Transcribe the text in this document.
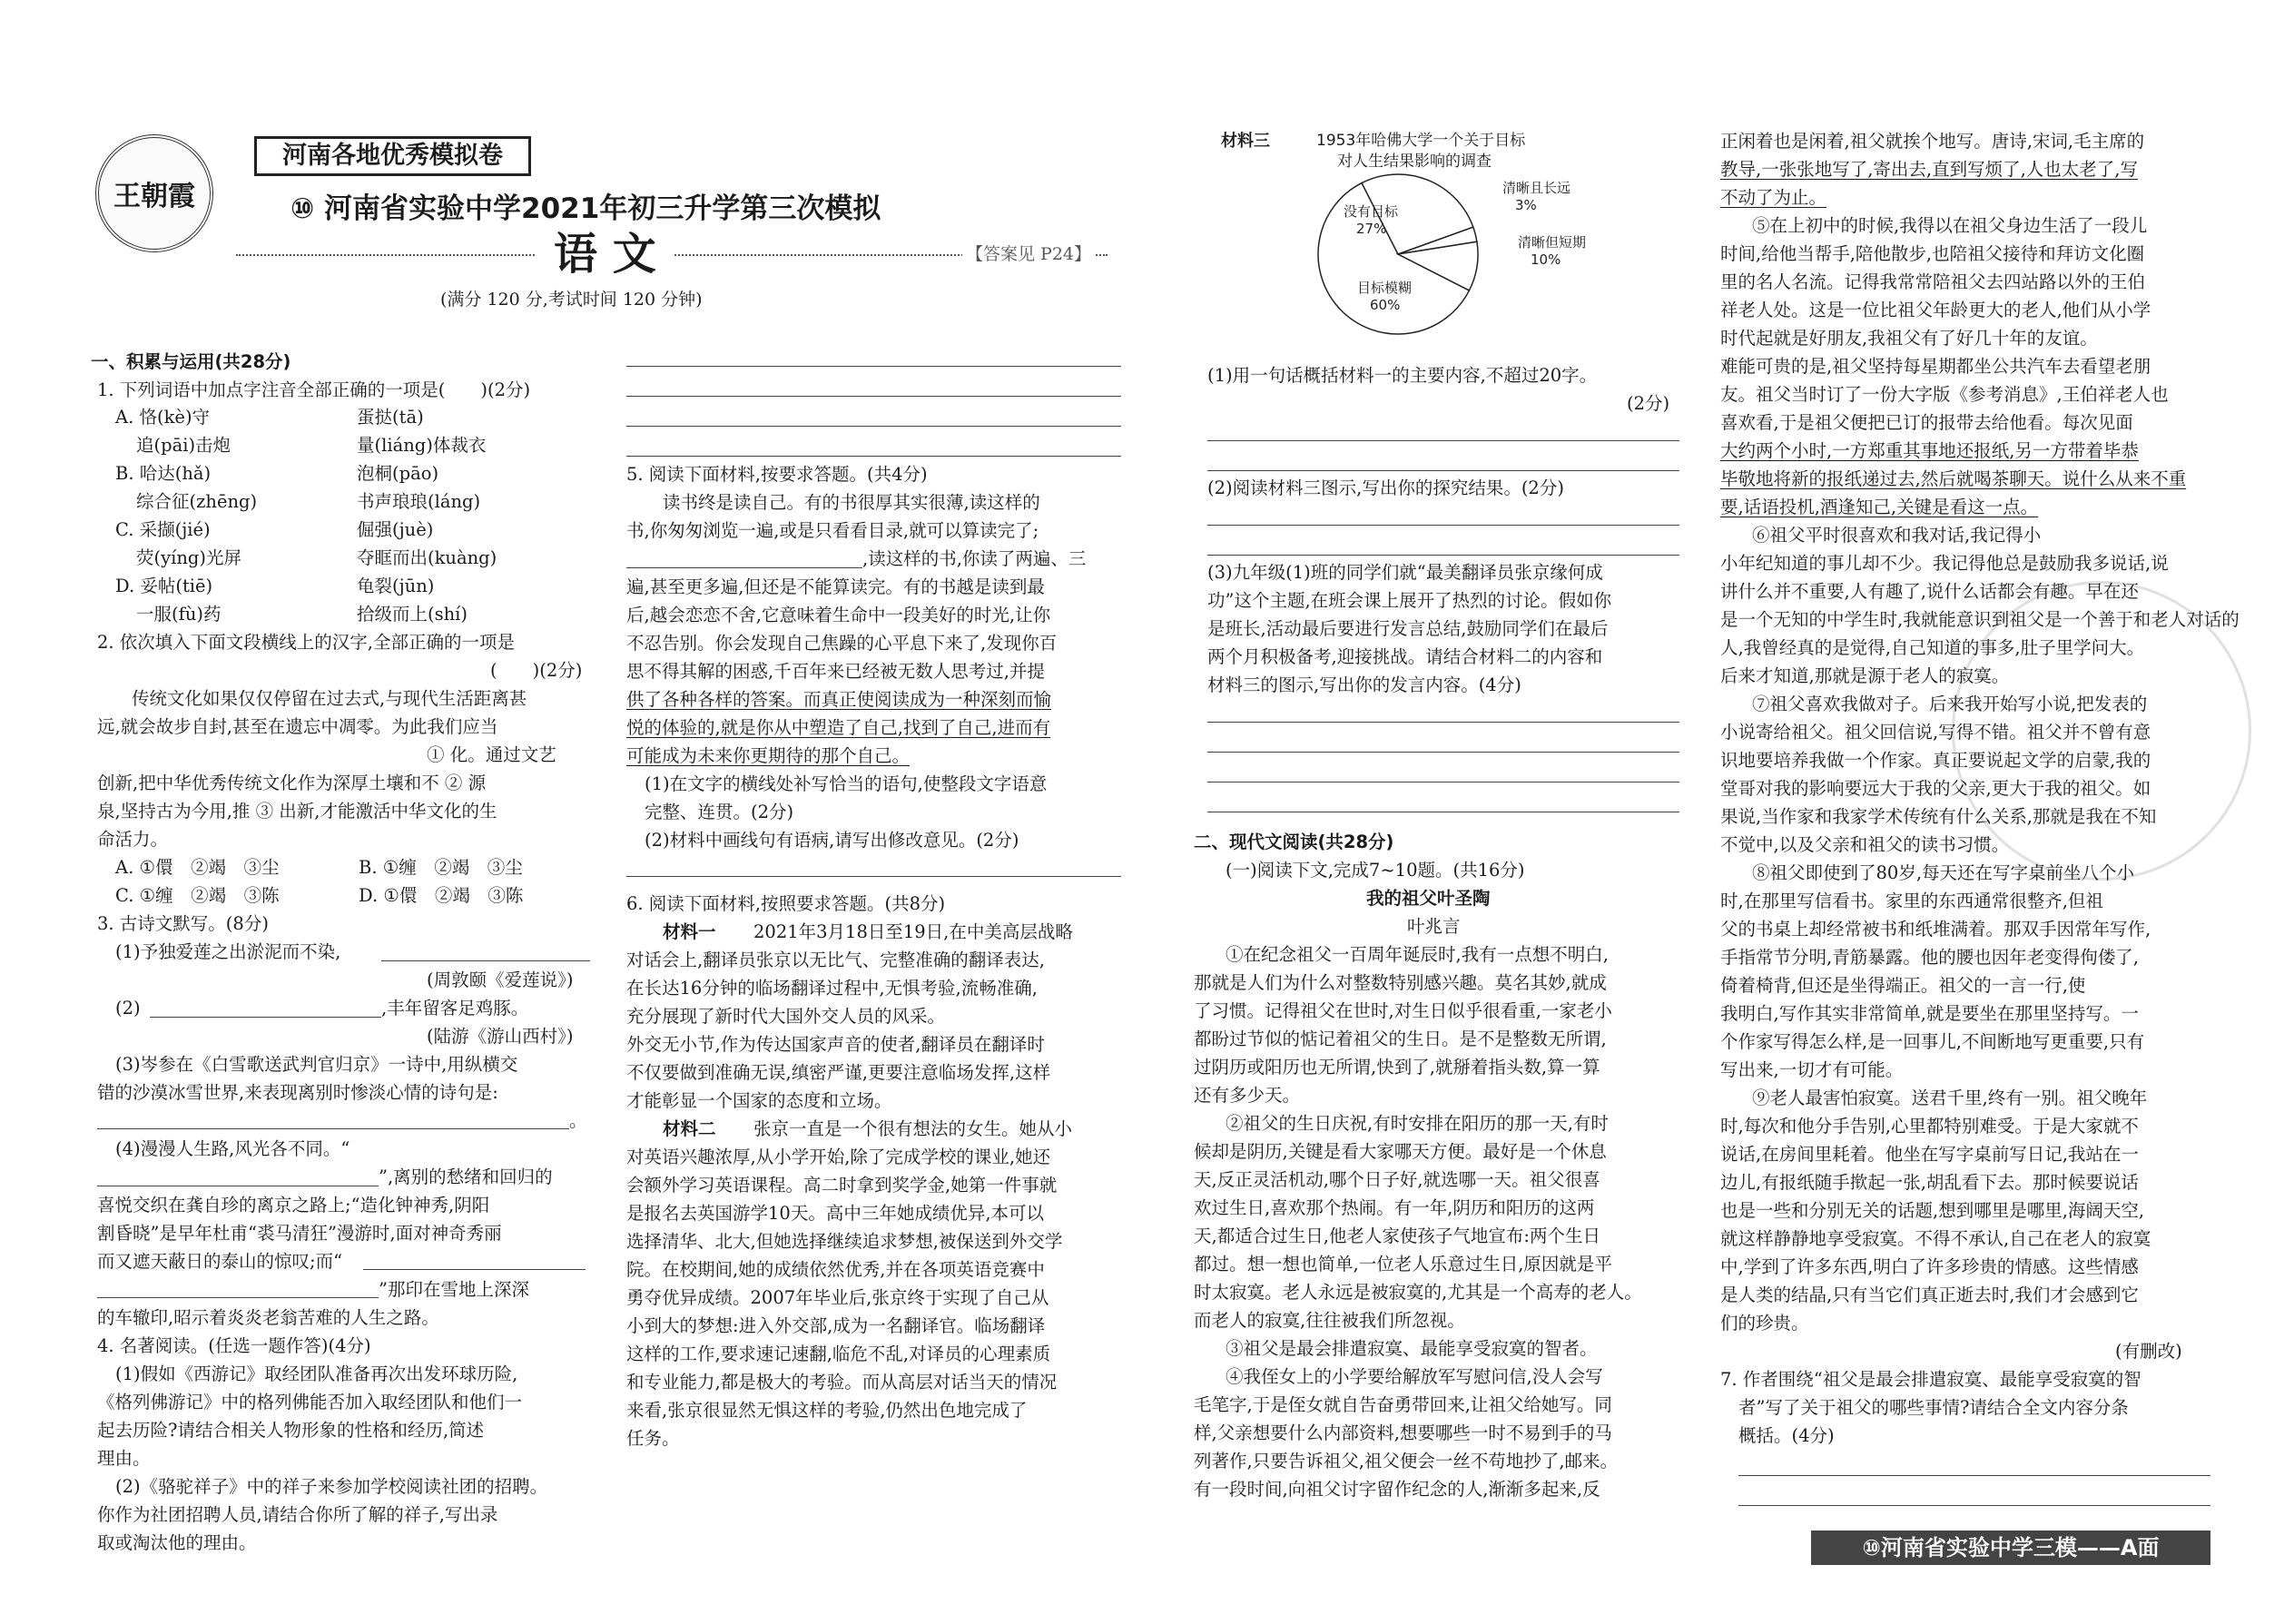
王朝霞
河南各地优秀模拟卷
⑩ 河南省实验中学2021年初三升学第三次模拟
语 文	【答案见 P24】
(满分 120 分,考试时间 120 分钟)
一、积累与运用(共28分)
1. 下列词语中加点字注音全部正确的一项是(　　)(2分)
A. 恪(kè)守	蛋挞(tā)
追(pāi)击炮	量(liáng)体裁衣
B. 哈达(hǎ)	泡桐(pāo)
综合征(zhēng)	书声琅琅(láng)
C. 采撷(jié)	倔强(juè)
荧(yíng)光屏	夺眶而出(kuàng)
D. 妥帖(tiē)	龟裂(jūn)
一服(fù)药	拾级而上(shí)
2. 依次填入下面文段横线上的汉字,全部正确的一项是
(　　)(2分)
传统文化如果仅仅停留在过去式,与现代生活距离甚
远,就会故步自封,甚至在遗忘中凋零。为此我们应当
① 化。通过文艺
创新,把中华优秀传统文化作为深厚土壤和不 ② 源
泉,坚持古为今用,推 ③ 出新,才能激活中华文化的生
命活力。
A. ①儇　②竭　③尘	B. ①缠　②竭　③尘
C. ①缠　②竭　③陈	D. ①儇　②竭　③陈
3. 古诗文默写。(8分)
(1)予独爱莲之出淤泥而不染,
(周敦颐《爱莲说》)
(2)	,丰年留客足鸡豚。
(陆游《游山西村》)
(3)岑参在《白雪歌送武判官归京》一诗中,用纵横交
错的沙漠冰雪世界,来表现离别时惨淡心情的诗句是:
。
(4)漫漫人生路,风光各不同。“
”,离别的愁绪和回归的
喜悦交织在龚自珍的离京之路上;“造化钟神秀,阴阳
割昏晓”是早年杜甫“裘马清狂”漫游时,面对神奇秀丽
而又遮天蔽日的泰山的惊叹;而“
”那印在雪地上深深
的车辙印,昭示着炎炎老翁苦难的人生之路。
4. 名著阅读。(任选一题作答)(4分)
(1)假如《西游记》取经团队准备再次出发环球历险,
《格列佛游记》中的格列佛能否加入取经团队和他们一
起去历险?请结合相关人物形象的性格和经历,简述
理由。
(2)《骆驼祥子》中的祥子来参加学校阅读社团的招聘。
你作为社团招聘人员,请结合你所了解的祥子,写出录
取或淘汰他的理由。
5. 阅读下面材料,按要求答题。(共4分)
读书终是读自己。有的书很厚其实很薄,读这样的
书,你匆匆浏览一遍,或是只看看目录,就可以算读完了;
,读这样的书,你读了两遍、三
遍,甚至更多遍,但还是不能算读完。有的书越是读到最
后,越会恋恋不舍,它意味着生命中一段美好的时光,让你
不忍告别。你会发现自己焦躁的心平息下来了,发现你百
思不得其解的困惑,千百年来已经被无数人思考过,并提
供了各种各样的答案。而真正使阅读成为一种深刻而愉
悦的体验的,就是你从中塑造了自己,找到了自己,进而有
可能成为未来你更期待的那个自己。
(1)在文字的横线处补写恰当的语句,使整段文字语意
完整、连贯。(2分)
(2)材料中画线句有语病,请写出修改意见。(2分)
6. 阅读下面材料,按照要求答题。(共8分)
材料一 2021年3月18日至19日,在中美高层战略
对话会上,翻译员张京以无比气、完整准确的翻译表达,
在长达16分钟的临场翻译过程中,无惧考验,流畅准确,
充分展现了新时代大国外交人员的风采。
外交无小节,作为传达国家声音的使者,翻译员在翻译时
不仅要做到准确无误,缜密严谨,更要注意临场发挥,这样
才能彰显一个国家的态度和立场。
材料二 张京一直是一个很有想法的女生。她从小
对英语兴趣浓厚,从小学开始,除了完成学校的课业,她还
会额外学习英语课程。高二时拿到奖学金,她第一件事就
是报名去英国游学10天。高中三年她成绩优异,本可以
选择清华、北大,但她选择继续追求梦想,被保送到外交学
院。在校期间,她的成绩依然优秀,并在各项英语竞赛中
勇夺优异成绩。2007年毕业后,张京终于实现了自己从
小到大的梦想:进入外交部,成为一名翻译官。临场翻译
这样的工作,要求速记速翻,临危不乱,对译员的心理素质
和专业能力,都是极大的考验。而从高层对话当天的情况
来看,张京很显然无惧这样的考验,仍然出色地完成了
任务。
材料三	1953年哈佛大学一个关于目标
对人生结果影响的调查
目标模糊
60%
没有目标
27%
清晰且长远
3%
清晰但短期
10%
(1)用一句话概括材料一的主要内容,不超过20字。
(2分)
(2)阅读材料三图示,写出你的探究结果。(2分)
(3)九年级(1)班的同学们就“最美翻译员张京缘何成
功”这个主题,在班会课上展开了热烈的讨论。假如你
是班长,活动最后要进行发言总结,鼓励同学们在最后
两个月积极备考,迎接挑战。请结合材料二的内容和
材料三的图示,写出你的发言内容。(4分)
二、现代文阅读(共28分)
(一)阅读下文,完成7~10题。(共16分)
我的祖父叶圣陶
叶兆言
①在纪念祖父一百周年诞辰时,我有一点想不明白,
那就是人们为什么对整数特别感兴趣。莫名其妙,就成
了习惯。记得祖父在世时,对生日似乎很看重,一家老小
都盼过节似的惦记着祖父的生日。是不是整数无所谓,
过阴历或阳历也无所谓,快到了,就掰着指头数,算一算
还有多少天。
②祖父的生日庆祝,有时安排在阳历的那一天,有时
候却是阴历,关键是看大家哪天方便。最好是一个休息
天,反正灵活机动,哪个日子好,就选哪一天。祖父很喜
欢过生日,喜欢那个热闹。有一年,阴历和阳历的这两
天,都适合过生日,他老人家使孩子气地宣布:两个生日
都过。想一想也简单,一位老人乐意过生日,原因就是平
时太寂寞。老人永远是被寂寞的,尤其是一个高寿的老人。
而老人的寂寞,往往被我们所忽视。
③祖父是最会排遣寂寞、最能享受寂寞的智者。
④我侄女上的小学要给解放军写慰问信,没人会写
毛笔字,于是侄女就自告奋勇带回来,让祖父给她写。同
样,父亲想要什么内部资料,想要哪些一时不易到手的马
列著作,只要告诉祖父,祖父便会一丝不苟地抄了,邮来。
有一段时间,向祖父讨字留作纪念的人,渐渐多起来,反
正闲着也是闲着,祖父就挨个地写。唐诗,宋词,毛主席的
教导,一张张地写了,寄出去,直到写烦了,人也太老了,写
不动了为止。
⑤在上初中的时候,我得以在祖父身边生活了一段儿
时间,给他当帮手,陪他散步,也陪祖父接待和拜访文化圈
里的名人名流。记得我常常陪祖父去四站路以外的王伯
祥老人处。这是一位比祖父年龄更大的老人,他们从小学
时代起就是好朋友,我祖父有了好几十年的友谊。
难能可贵的是,祖父坚持每星期都坐公共汽车去看望老朋
友。祖父当时订了一份大字版《参考消息》,王伯祥老人也
喜欢看,于是祖父便把已订的报带去给他看。每次见面
大约两个小时,一方郑重其事地还报纸,另一方带着毕恭
毕敬地将新的报纸递过去,然后就喝茶聊天。说什么从来不重
要,话语投机,酒逢知己,关键是看这一点。
⑥祖父平时很喜欢和我对话,我记得小
小年纪知道的事儿却不少。我记得他总是鼓励我多说话,说
讲什么并不重要,人有趣了,说什么话都会有趣。早在还
是一个无知的中学生时,我就能意识到祖父是一个善于和老人对话的
人,我曾经真的是觉得,自己知道的事多,肚子里学问大。
后来才知道,那就是源于老人的寂寞。
⑦祖父喜欢我做对子。后来我开始写小说,把发表的
小说寄给祖父。祖父回信说,写得不错。祖父并不曾有意
识地要培养我做一个作家。真正要说起文学的启蒙,我的
堂哥对我的影响要远大于我的父亲,更大于我的祖父。如
果说,当作家和我家学术传统有什么关系,那就是我在不知
不觉中,以及父亲和祖父的读书习惯。
⑧祖父即使到了80岁,每天还在写字桌前坐八个小
时,在那里写信看书。家里的东西通常很整齐,但祖
父的书桌上却经常被书和纸堆满着。那双手因常年写作,
手指常节分明,青筋暴露。他的腰也因年老变得佝偻了,
倚着椅背,但还是坐得端正。祖父的一言一行,使
我明白,写作其实非常简单,就是要坐在那里坚持写。一
个作家写得怎么样,是一回事儿,不间断地写更重要,只有
写出来,一切才有可能。
⑨老人最害怕寂寞。送君千里,终有一别。祖父晚年
时,每次和他分手告别,心里都特别难受。于是大家就不
说话,在房间里耗着。他坐在写字桌前写日记,我站在一
边儿,有报纸随手揿起一张,胡乱看下去。那时候要说话
也是一些和分别无关的话题,想到哪里是哪里,海阔天空,
就这样静静地享受寂寞。不得不承认,自己在老人的寂寞
中,学到了许多东西,明白了许多珍贵的情感。这些情感
是人类的结晶,只有当它们真正逝去时,我们才会感到它
们的珍贵。
(有删改)
7. 作者围绕“祖父是最会排遣寂寞、最能享受寂寞的智
者”写了关于祖父的哪些事情?请结合全文内容分条
概括。(4分)
⑩河南省实验中学三模——A面
